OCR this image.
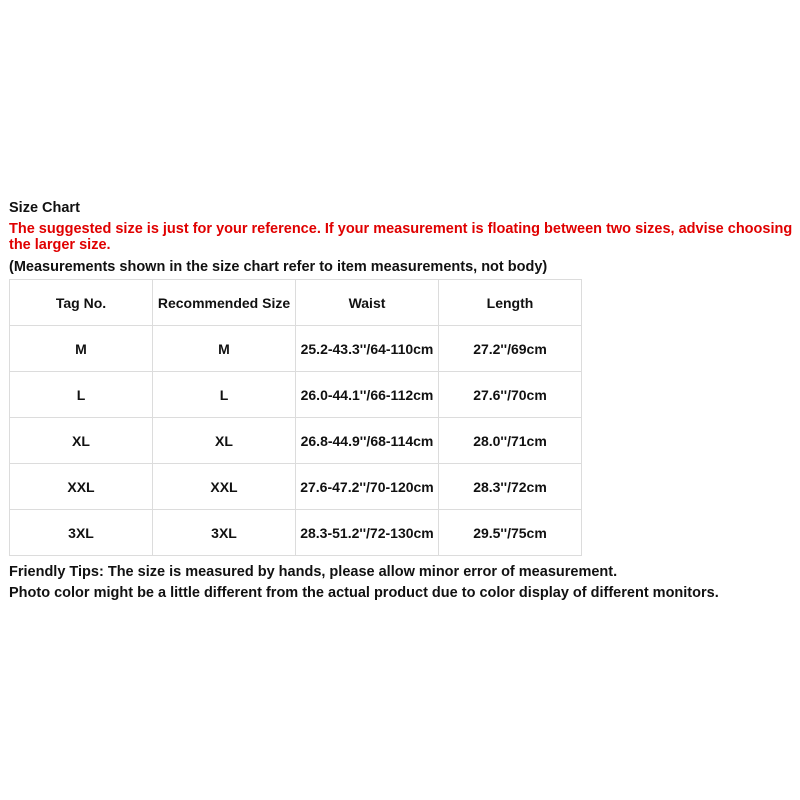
Size Chart

The suggested size is just for your reference. If your measurement is floating between two sizes, advise choosing the larger size.

(Measurements shown in the size chart refer to item measurements, not body)

Tag No.	Recommended Size	Waist	Length
M	M	25.2-43.3''/64-110cm	27.2''/69cm
L	L	26.0-44.1''/66-112cm	27.6''/70cm
XL	XL	26.8-44.9''/68-114cm	28.0''/71cm
XXL	XXL	27.6-47.2''/70-120cm	28.3''/72cm
3XL	3XL	28.3-51.2''/72-130cm	29.5''/75cm

Friendly Tips: The size is measured by hands, please allow minor error of measurement.

Photo color might be a little different from the actual product due to color display of different monitors.
